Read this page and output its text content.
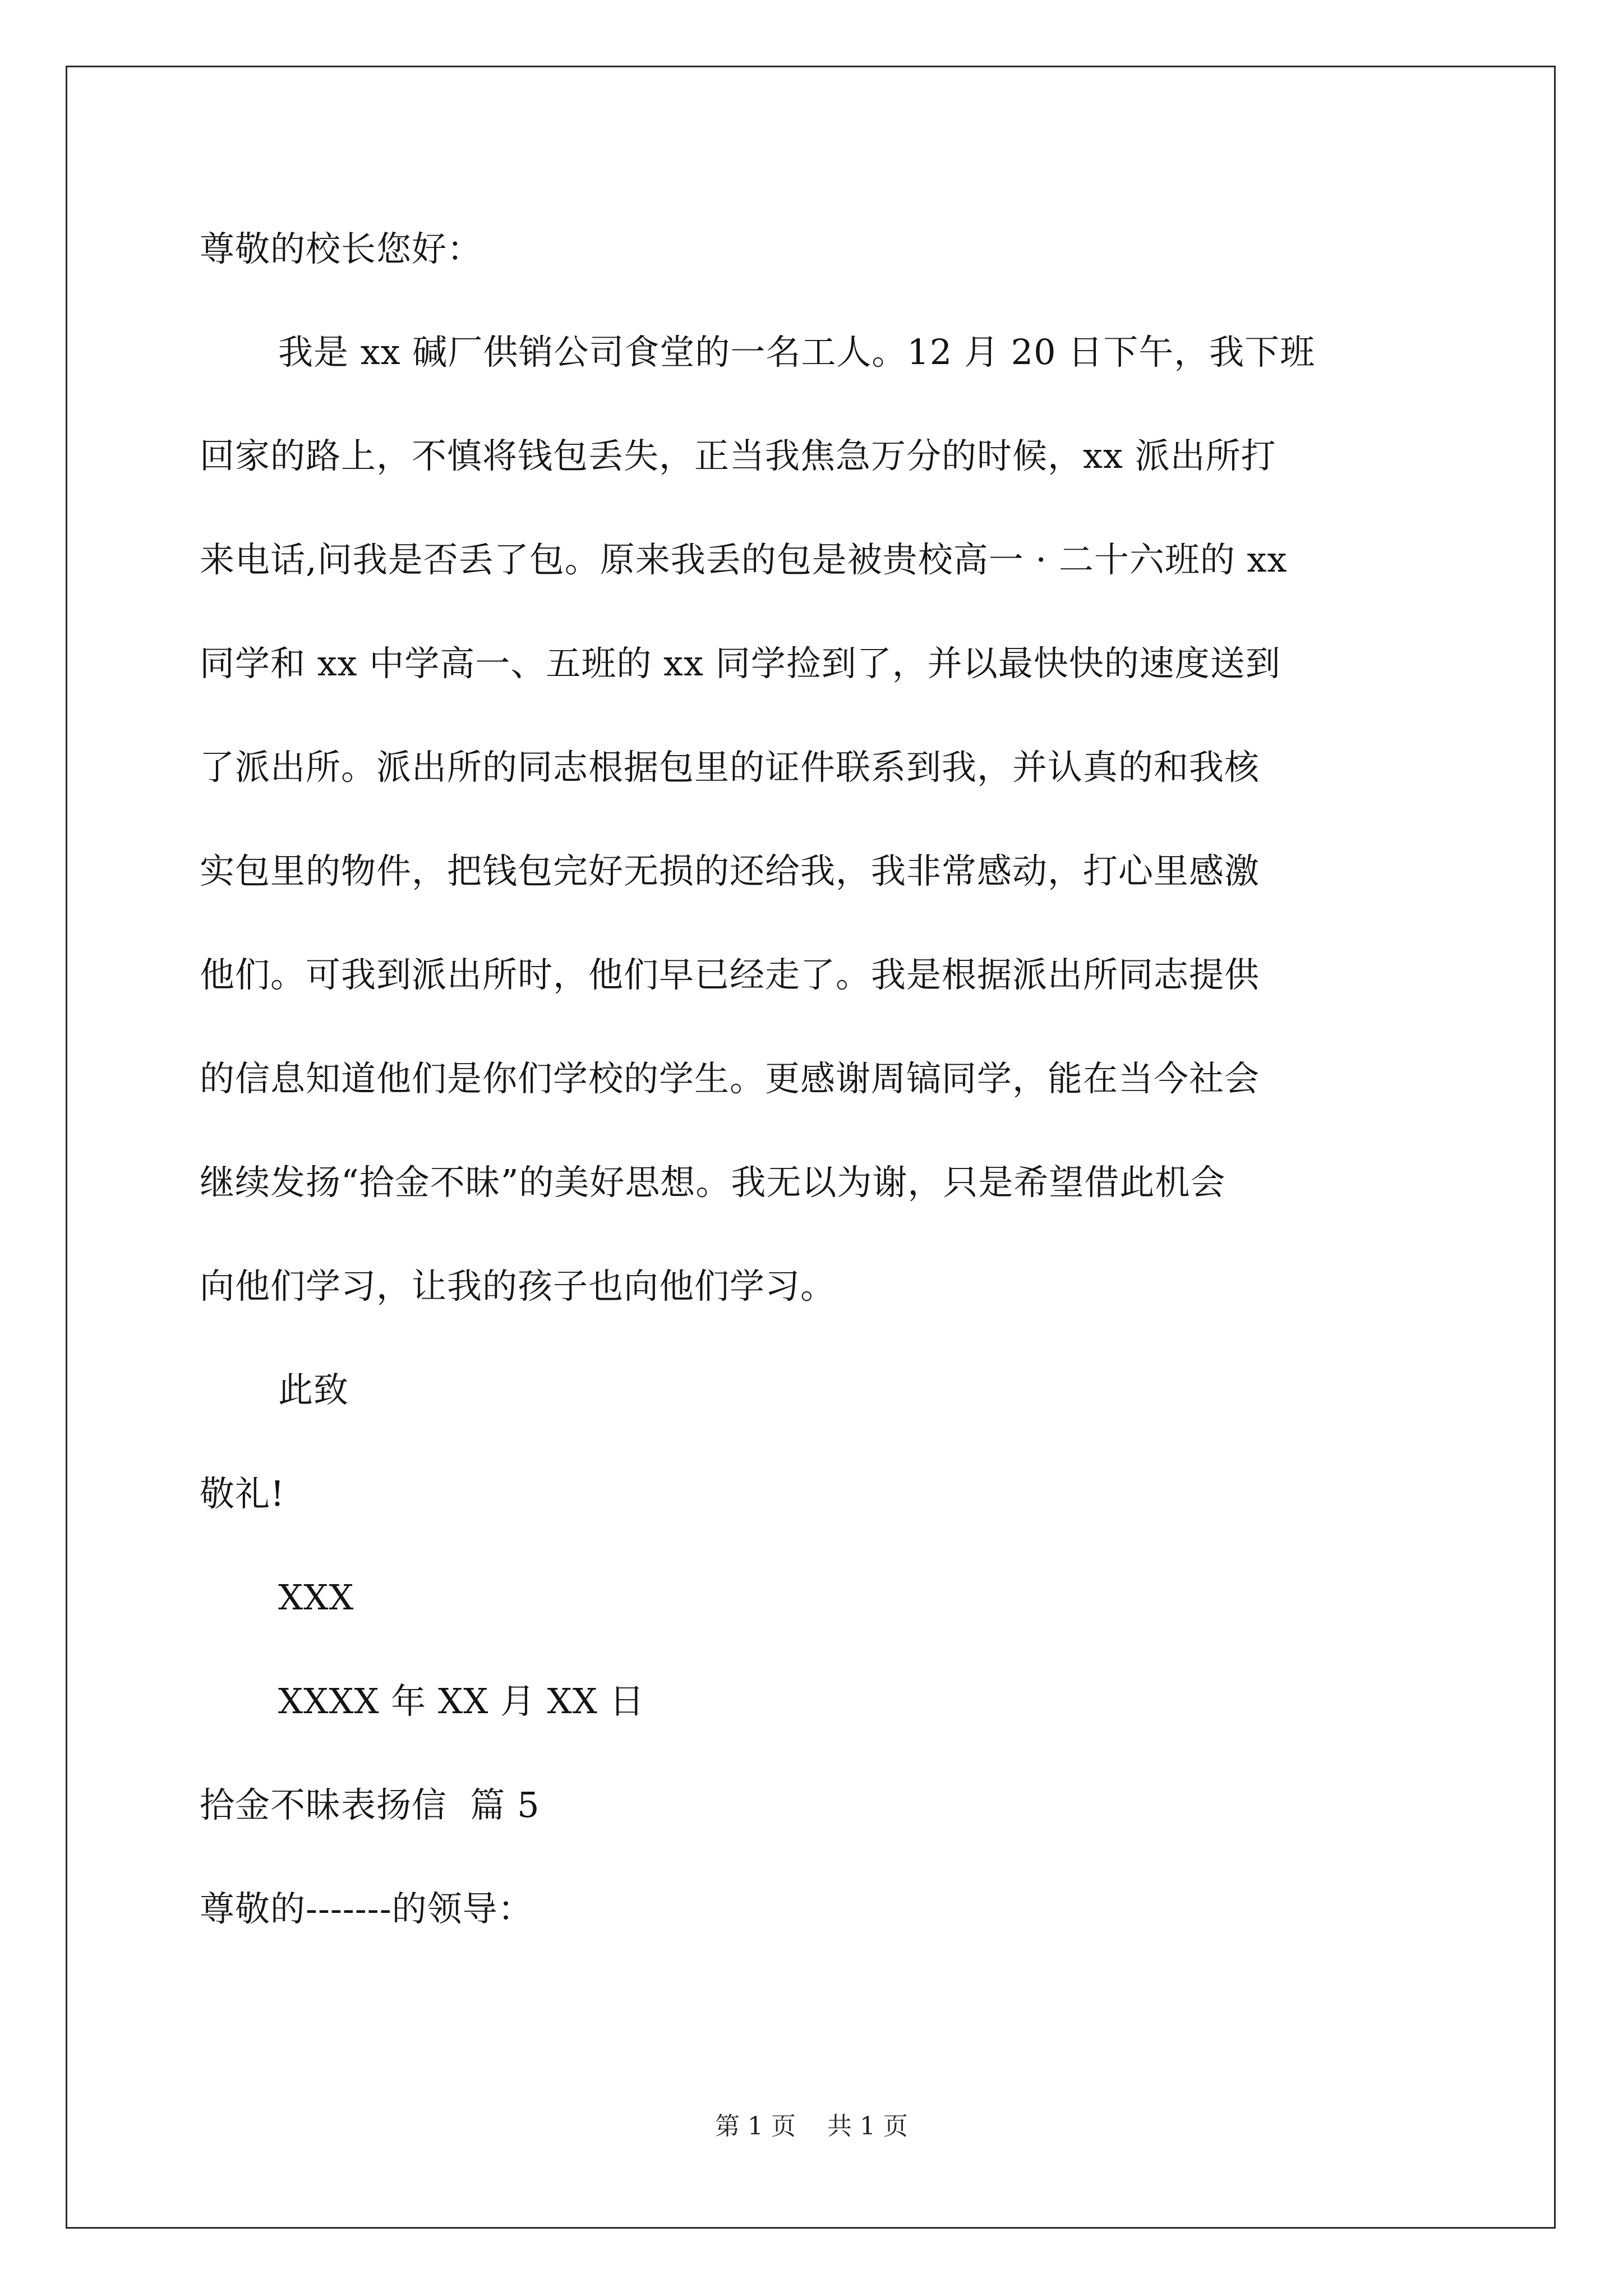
尊敬的校长您好：
我是 xx 碱厂供销公司食堂的一名工人。12 月 20 日下午，我下班
回家的路上，不慎将钱包丢失，正当我焦急万分的时候，xx 派出所打
来电话,问我是否丢了包。原来我丢的包是被贵校高一 · 二十六班的 xx
同学和 xx 中学高一、五班的 xx 同学捡到了，并以最快快的速度送到
了派出所。派出所的同志根据包里的证件联系到我，并认真的和我核
实包里的物件，把钱包完好无损的还给我，我非常感动，打心里感激
他们。可我到派出所时，他们早已经走了。我是根据派出所同志提供
的信息知道他们是你们学校的学生。更感谢周镐同学，能在当今社会
继续发扬“拾金不昧”的美好思想。我无以为谢，只是希望借此机会
向他们学习，让我的孩子也向他们学习。
此致
敬礼!
XXX
XXXX 年 XX 月 XX 日
拾金不昧表扬信  篇 5
尊敬的-------的领导：
第 1 页    共 1 页
